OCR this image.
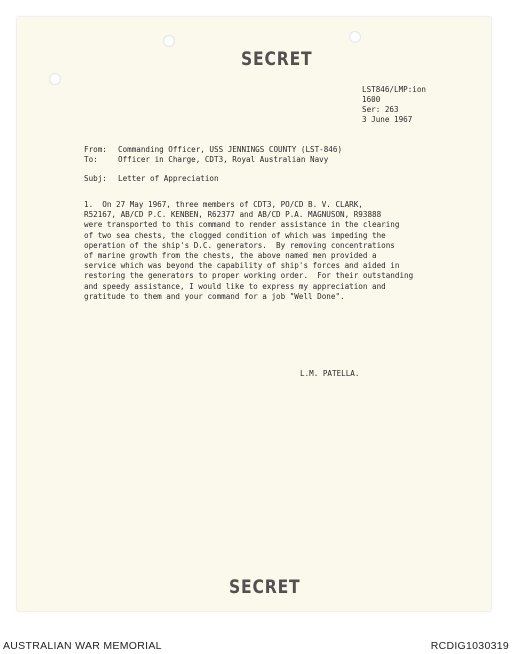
SECRET
LST846/LMP:ion
1600
Ser: 263
3 June 1967
From: Commanding Officer, USS JENNINGS COUNTY (LST-846)
To:	Officer in Charge, CDT3, Royal Australian Navy
Subj: Letter of Appreciation
L.M. PATELLA.
SECRET
1.  On 27 May 1967, three members of CDT3, PO/CD B. V. CLARK,
R52167, AB/CD P.C. KENBEN, R62377 and AB/CD P.A. MAGNUSON, R93888
were transported to this command to render assistance in the clearing
of two sea chests, the clogged condition of which was impeding the
operation of the ship's D.C. generators.  By removing concentrations
of marine growth from the chests, the above named men provided a
service which was beyond the capability of ship's forces and aided in
restoring the generators to proper working order.  For their outstanding
and speedy assistance, I would like to express my appreciation and
gratitude to them and your command for a job "Well Done".
AUSTRALIAN WAR MEMORIAL	RCDIG1030319
